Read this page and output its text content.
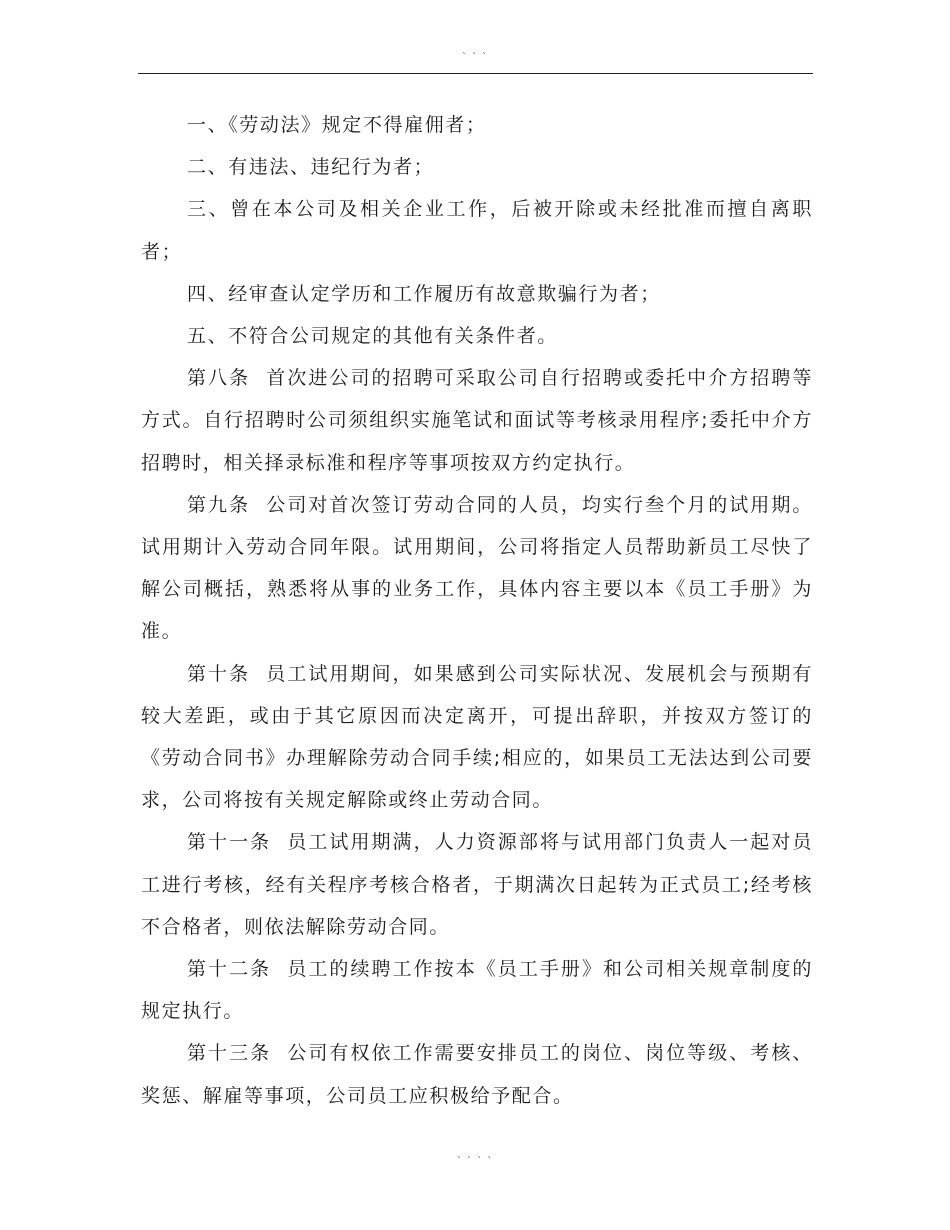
` ` `

一、《劳动法》规定不得雇佣者；

二、有违法、违纪行为者；

三、曾在本公司及相关企业工作，后被开除或未经批准而擅自离职者；

四、经审查认定学历和工作履历有故意欺骗行为者；

五、不符合公司规定的其他有关条件者。

第八条  首次进公司的招聘可采取公司自行招聘或委托中介方招聘等方式。自行招聘时公司须组织实施笔试和面试等考核录用程序;委托中介方招聘时，相关择录标准和程序等事项按双方约定执行。

第九条  公司对首次签订劳动合同的人员，均实行叁个月的试用期。试用期计入劳动合同年限。试用期间，公司将指定人员帮助新员工尽快了解公司概括，熟悉将从事的业务工作，具体内容主要以本《员工手册》为准。

第十条  员工试用期间，如果感到公司实际状况、发展机会与预期有较大差距，或由于其它原因而决定离开，可提出辞职，并按双方签订的《劳动合同书》办理解除劳动合同手续;相应的，如果员工无法达到公司要求，公司将按有关规定解除或终止劳动合同。

第十一条  员工试用期满，人力资源部将与试用部门负责人一起对员工进行考核，经有关程序考核合格者，于期满次日起转为正式员工;经考核不合格者，则依法解除劳动合同。

第十二条  员工的续聘工作按本《员工手册》和公司相关规章制度的规定执行。

第十三条  公司有权依工作需要安排员工的岗位、岗位等级、考核、奖惩、解雇等事项，公司员工应积极给予配合。

` ` ` `
